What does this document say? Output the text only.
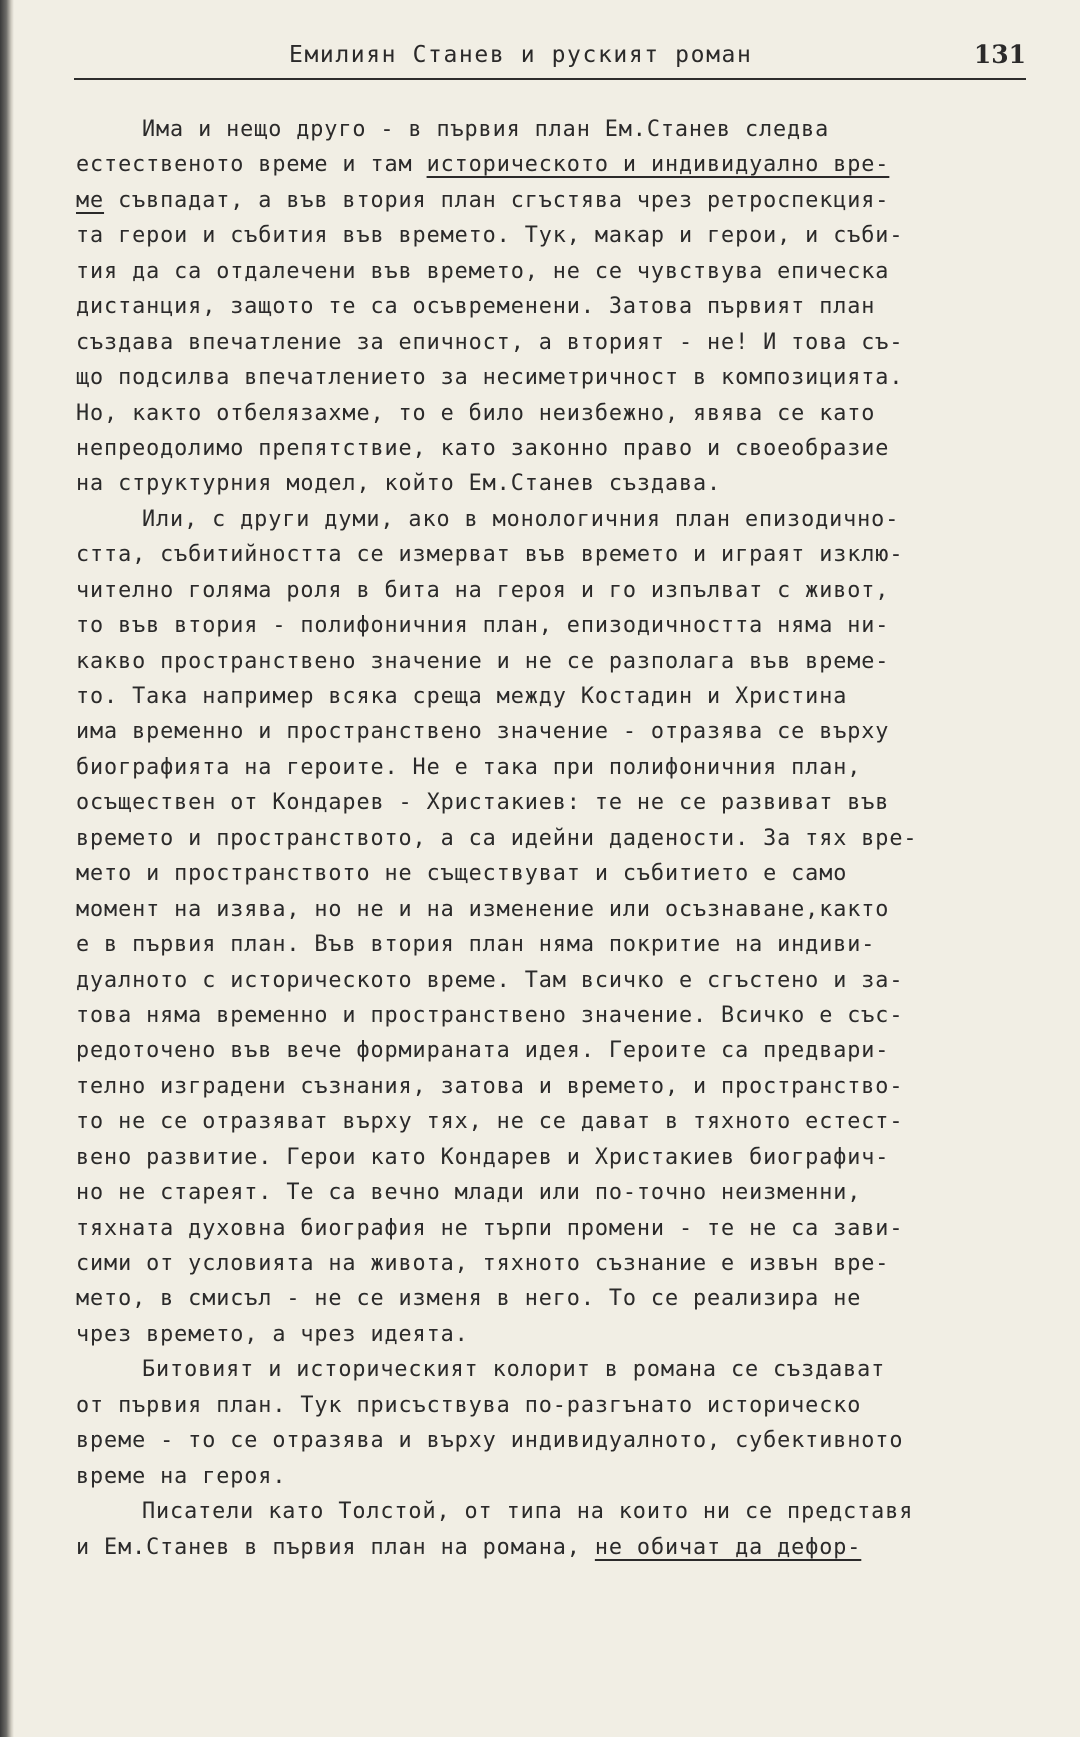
Емилиян Станев и руският роман	131
Има и нещо друго - в първия план Ем.Станев следва
естественото време и там историческото и индивидуално вре-
ме съвпадат, а във втория план сгъстява чрез ретроспекция-
та герои и събития във времето. Тук, макар и герои, и съби-
тия да са отдалечени във времето, не се чувствува епическа
дистанция, защото те са осъвременени. Затова първият план
създава впечатление за епичност, а вторият - не! И това съ-
що подсилва впечатлението за несиметричност в композицията.
Но, както отбелязахме, то е било неизбежно, явява се като
непреодолимо препятствие, като законно право и своеобразие
на структурния модел, който Ем.Станев създава.
Или, с други думи, ако в монологичния план епизодично-
стта, събитийността се измерват във времето и играят изклю-
чително голяма роля в бита на героя и го изпълват с живот,
то във втория - полифоничния план, епизодичността няма ни-
какво пространствено значение и не се разполага във време-
то. Така например всяка среща между Костадин и Христина
има временно и пространствено значение - отразява се върху
биографията на героите. Не е така при полифоничния план,
осъществен от Кондарев - Христакиев: те не се развиват във
времето и пространството, а са идейни дадености. За тях вре-
мето и пространството не съществуват и събитието е само
момент на изява, но не и на изменение или осъзнаване,както
е в първия план. Във втория план няма покритие на индиви-
дуалното с историческото време. Там всичко е сгъстено и за-
това няма временно и пространствено значение. Всичко е със-
редоточено във вече формираната идея. Героите са предвари-
телно изградени съзнания, затова и времето, и пространство-
то не се отразяват върху тях, не се дават в тяхното естест-
вено развитие. Герои като Кондарев и Христакиев биографич-
но не стареят. Те са вечно млади или по-точно неизменни,
тяхната духовна биография не търпи промени - те не са зави-
сими от условията на живота, тяхното съзнание е извън вре-
мето, в смисъл - не се изменя в него. То се реализира не
чрез времето, а чрез идеята.
Битовият и историческият колорит в романа се създават
от първия план. Тук присъствува по-разгънато историческо
време - то се отразява и върху индивидуалното, субективното
време на героя.
Писатели като Толстой, от типа на които ни се представя
и Ем.Станев в първия план на романа, не обичат да дефор-
